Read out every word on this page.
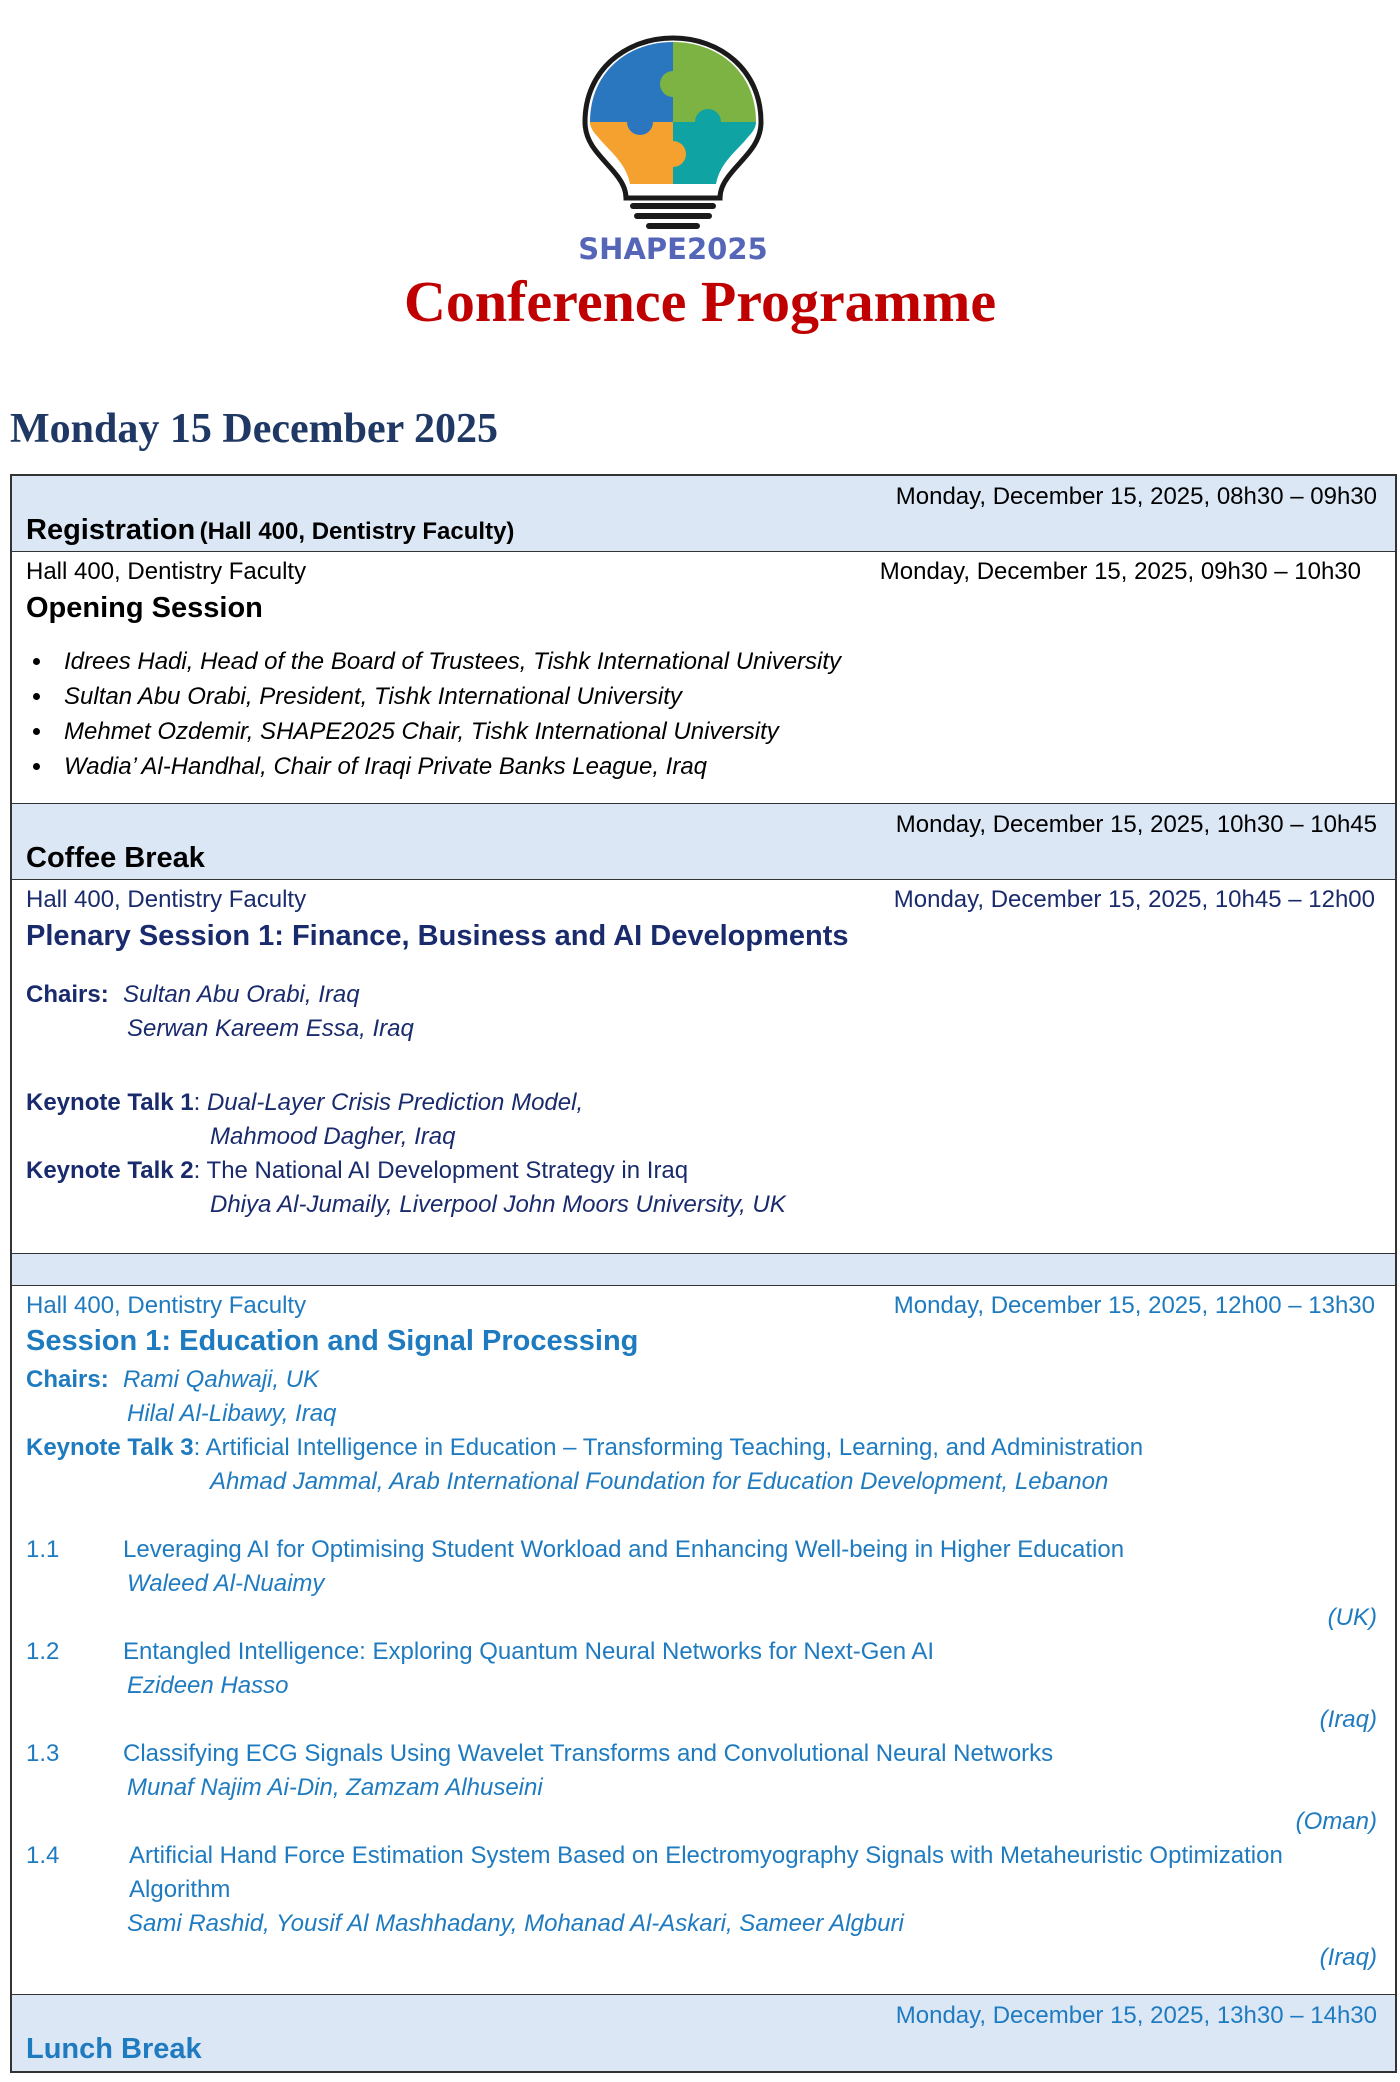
SHAPE2025
Conference Programme
Monday 15 December 2025
Monday, December 15, 2025, 08h30 – 09h30
Registration (Hall 400, Dentistry Faculty)
Hall 400, Dentistry Faculty	Monday, December 15, 2025, 09h30 – 10h30
Opening Session
• Idrees Hadi, Head of the Board of Trustees, Tishk International University
• Sultan Abu Orabi, President, Tishk International University
• Mehmet Ozdemir, SHAPE2025 Chair, Tishk International University
• Wadia’ Al-Handhal, Chair of Iraqi Private Banks League, Iraq
Monday, December 15, 2025, 10h30 – 10h45
Coffee Break
Hall 400, Dentistry Faculty	Monday, December 15, 2025, 10h45 – 12h00
Plenary Session 1: Finance, Business and AI Developments
Chairs: Sultan Abu Orabi, Iraq
Serwan Kareem Essa, Iraq
Keynote Talk 1: Dual-Layer Crisis Prediction Model,
Mahmood Dagher, Iraq
Keynote Talk 2: The National AI Development Strategy in Iraq
Dhiya Al-Jumaily, Liverpool John Moors University, UK
Hall 400, Dentistry Faculty	Monday, December 15, 2025, 12h00 – 13h30
Session 1: Education and Signal Processing
Chairs: Rami Qahwaji, UK
Hilal Al-Libawy, Iraq
Keynote Talk 3: Artificial Intelligence in Education – Transforming Teaching, Learning, and Administration
Ahmad Jammal, Arab International Foundation for Education Development, Lebanon
1.1	Leveraging AI for Optimising Student Workload and Enhancing Well-being in Higher Education
Waleed Al-Nuaimy
(UK)
1.2	Entangled Intelligence: Exploring Quantum Neural Networks for Next-Gen AI
Ezideen Hasso
(Iraq)
1.3	Classifying ECG Signals Using Wavelet Transforms and Convolutional Neural Networks
Munaf Najim Ai-Din, Zamzam Alhuseini
(Oman)
1.4	Artificial Hand Force Estimation System Based on Electromyography Signals with Metaheuristic Optimization
Algorithm
Sami Rashid, Yousif Al Mashhadany, Mohanad Al-Askari, Sameer Algburi
(Iraq)
Monday, December 15, 2025, 13h30 – 14h30
Lunch Break
